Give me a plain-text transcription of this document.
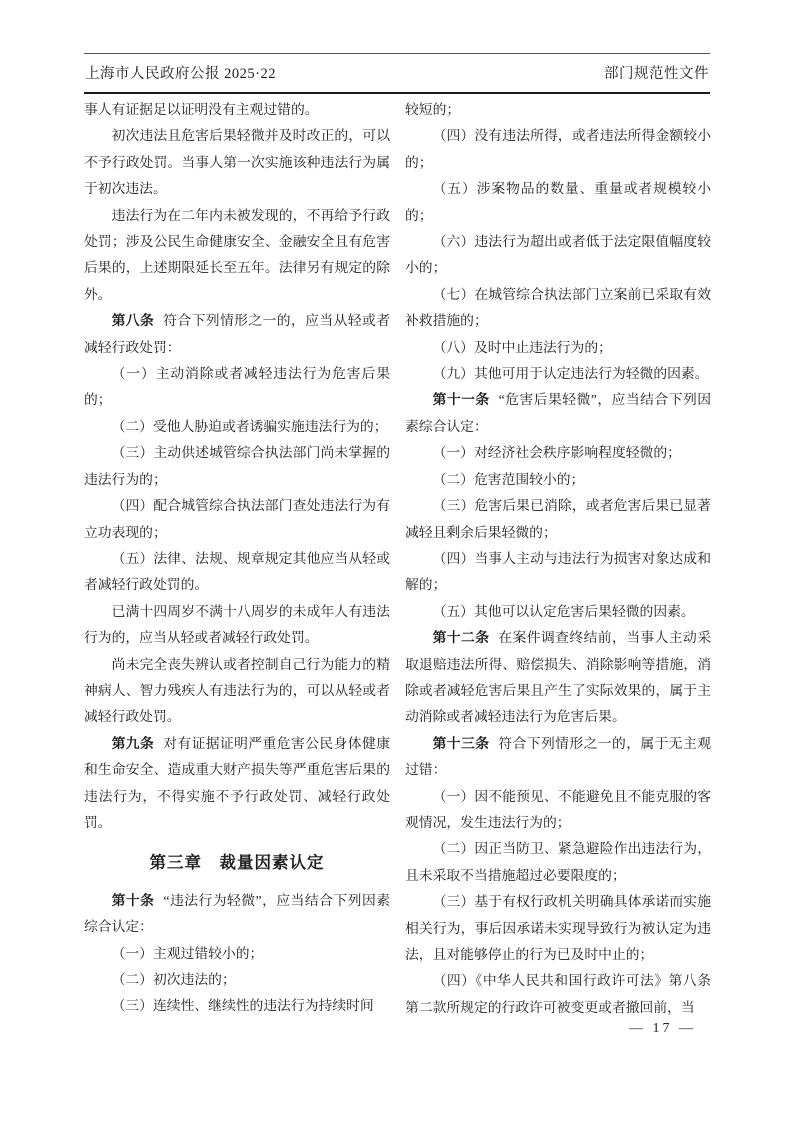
上海市人民政府公报 2025·22	部门规范性文件

事人有证据足以证明没有主观过错的。

初次违法且危害后果轻微并及时改正的，可以不予行政处罚。当事人第一次实施该种违法行为属于初次违法。

违法行为在二年内未被发现的，不再给予行政处罚；涉及公民生命健康安全、金融安全且有危害后果的，上述期限延长至五年。法律另有规定的除外。

第八条 符合下列情形之一的，应当从轻或者减轻行政处罚：

（一）主动消除或者减轻违法行为危害后果的；

（二）受他人胁迫或者诱骗实施违法行为的；

（三）主动供述城管综合执法部门尚未掌握的违法行为的；

（四）配合城管综合执法部门查处违法行为有立功表现的；

（五）法律、法规、规章规定其他应当从轻或者减轻行政处罚的。

已满十四周岁不满十八周岁的未成年人有违法行为的，应当从轻或者减轻行政处罚。

尚未完全丧失辨认或者控制自己行为能力的精神病人、智力残疾人有违法行为的，可以从轻或者减轻行政处罚。

第九条 对有证据证明严重危害公民身体健康和生命安全、造成重大财产损失等严重危害后果的违法行为，不得实施不予行政处罚、减轻行政处罚。

第三章　裁量因素认定

第十条 “违法行为轻微”，应当结合下列因素综合认定：

（一）主观过错较小的；

（二）初次违法的；

（三）连续性、继续性的违法行为持续时间

较短的；

（四）没有违法所得，或者违法所得金额较小的；

（五）涉案物品的数量、重量或者规模较小的；

（六）违法行为超出或者低于法定限值幅度较小的；

（七）在城管综合执法部门立案前已采取有效补救措施的；

（八）及时中止违法行为的；

（九）其他可用于认定违法行为轻微的因素。

第十一条 “危害后果轻微”，应当结合下列因素综合认定：

（一）对经济社会秩序影响程度轻微的；

（二）危害范围较小的；

（三）危害后果已消除，或者危害后果已显著减轻且剩余后果轻微的；

（四）当事人主动与违法行为损害对象达成和解的；

（五）其他可以认定危害后果轻微的因素。

第十二条 在案件调查终结前，当事人主动采取退赔违法所得、赔偿损失、消除影响等措施，消除或者减轻危害后果且产生了实际效果的，属于主动消除或者减轻违法行为危害后果。

第十三条 符合下列情形之一的，属于无主观过错：

（一）因不能预见、不能避免且不能克服的客观情况，发生违法行为的；

（二）因正当防卫、紧急避险作出违法行为，且未采取不当措施超过必要限度的；

（三）基于有权行政机关明确具体承诺而实施相关行为，事后因承诺未实现导致行为被认定为违法，且对能够停止的行为已及时中止的；

（四）《中华人民共和国行政许可法》第八条第二款所规定的行政许可被变更或者撤回前，当

— 17 —
